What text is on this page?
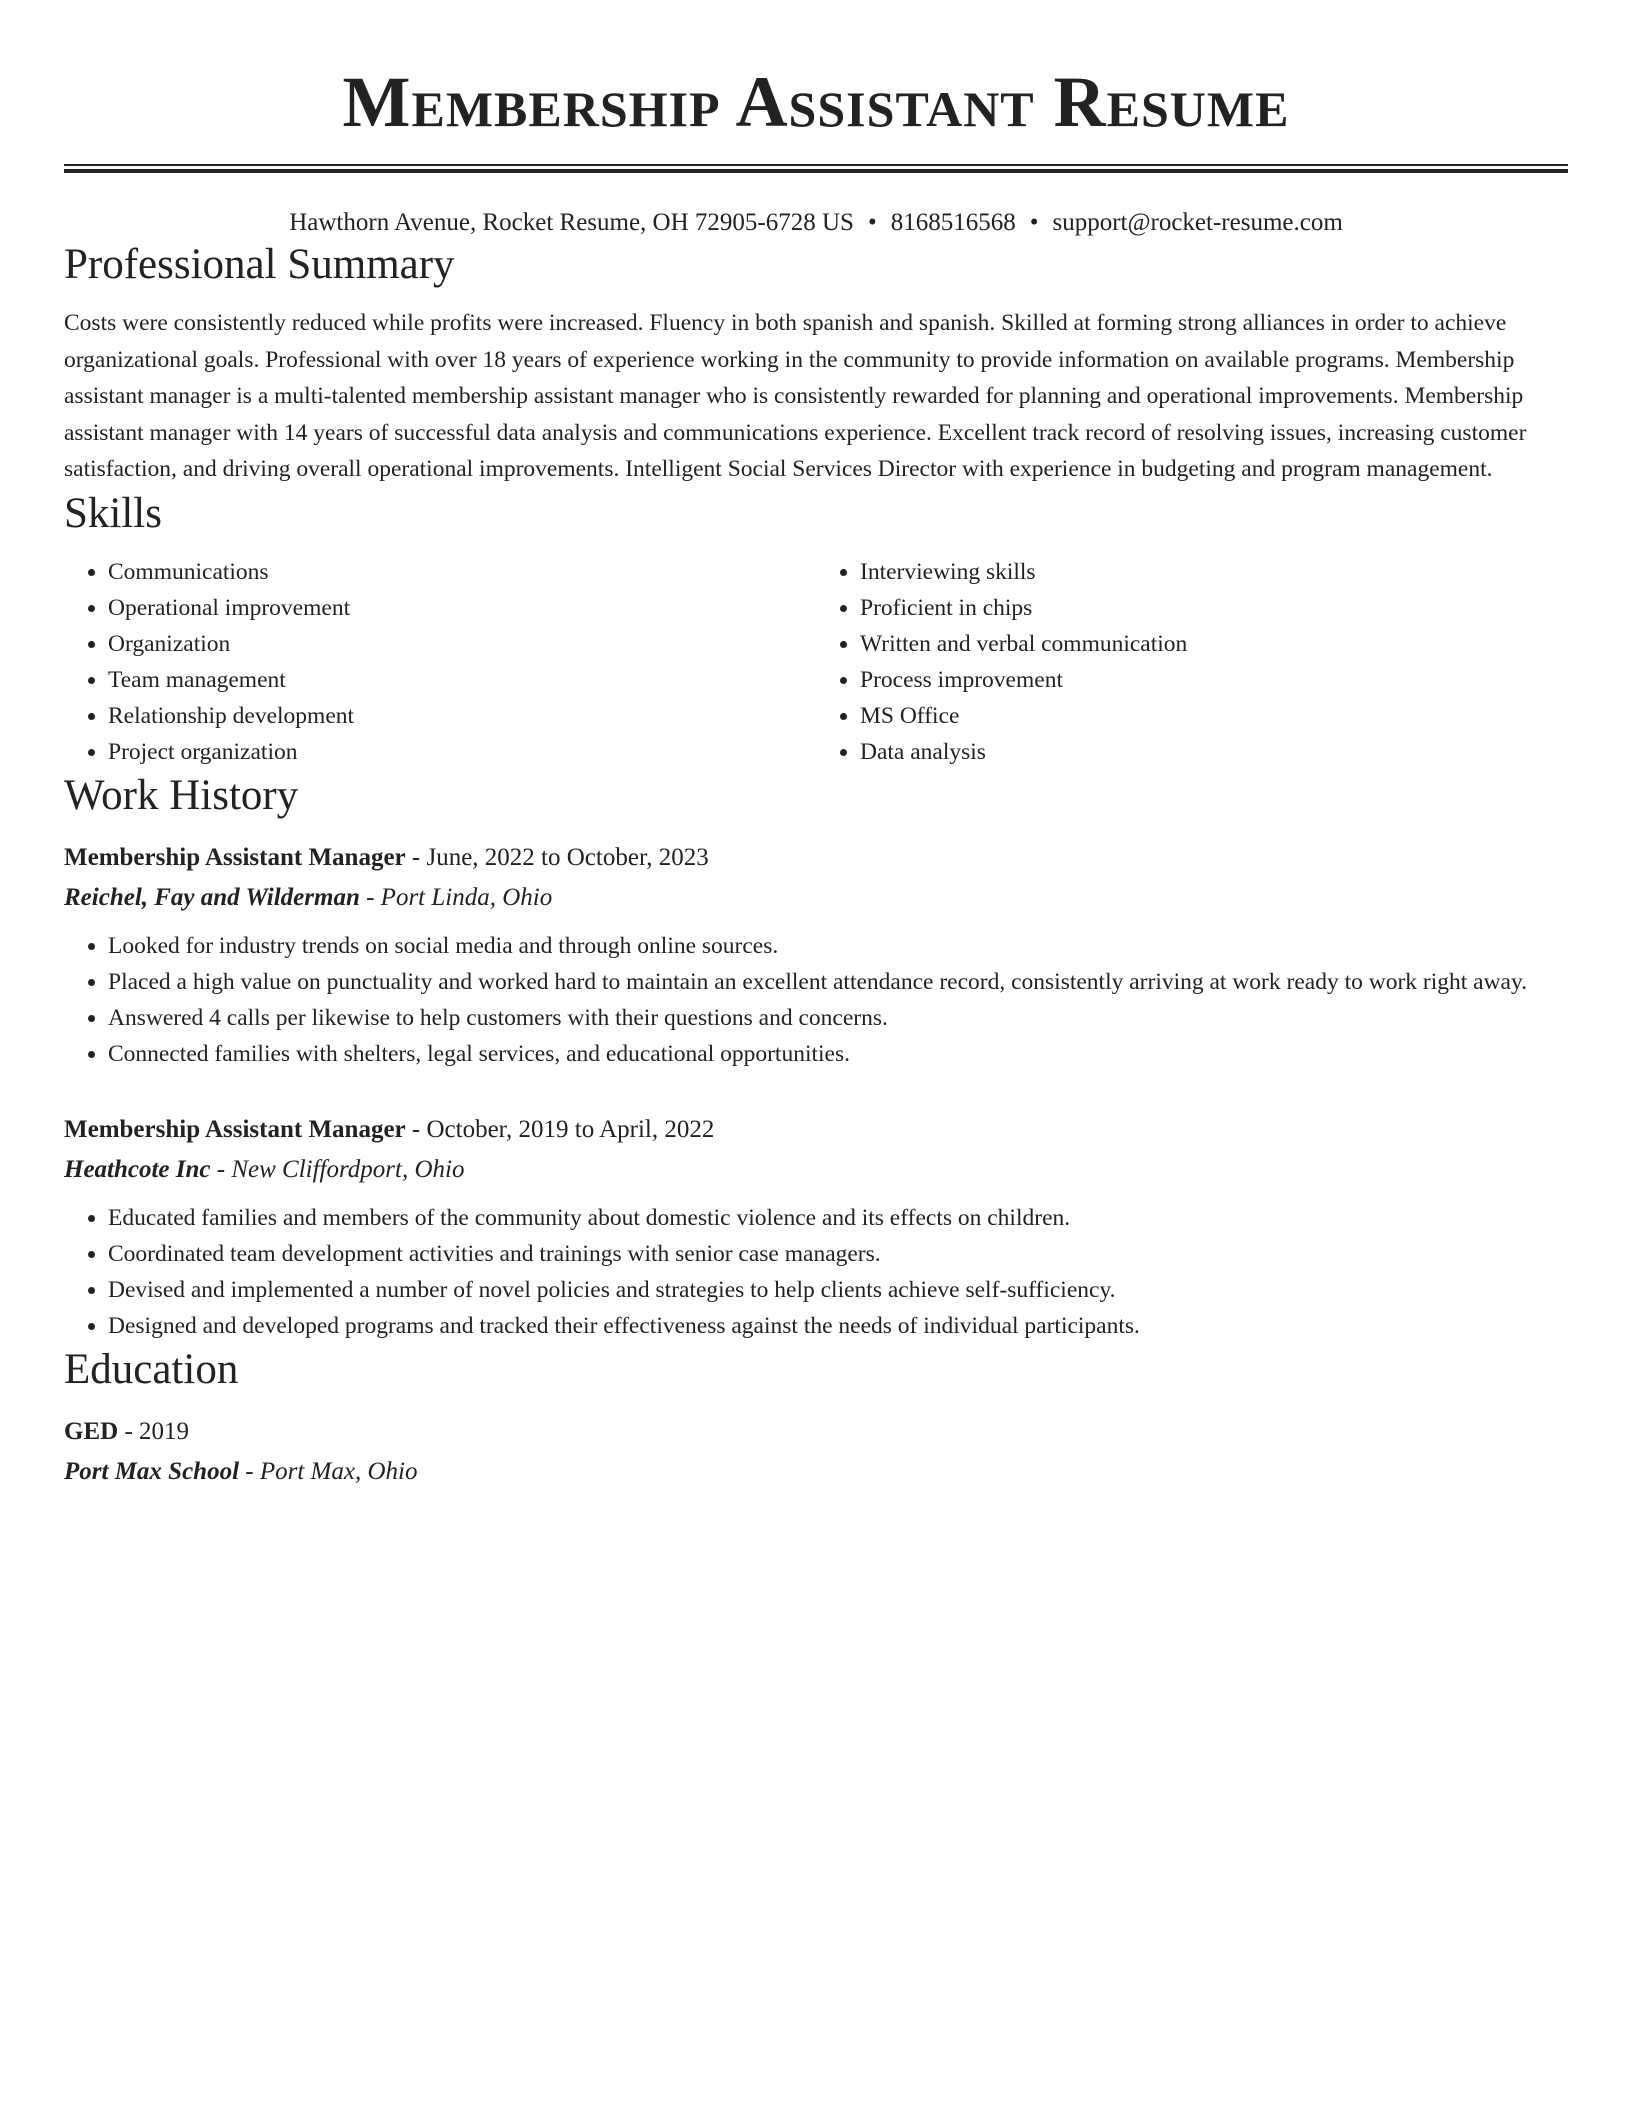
Membership Assistant Resume
Hawthorn Avenue, Rocket Resume, OH 72905-6728 US • 8168516568 • support@rocket-resume.com
Professional Summary
Costs were consistently reduced while profits were increased. Fluency in both spanish and spanish. Skilled at forming strong alliances in order to achieve organizational goals. Professional with over 18 years of experience working in the community to provide information on available programs. Membership assistant manager is a multi-talented membership assistant manager who is consistently rewarded for planning and operational improvements. Membership assistant manager with 14 years of successful data analysis and communications experience. Excellent track record of resolving issues, increasing customer satisfaction, and driving overall operational improvements. Intelligent Social Services Director with experience in budgeting and program management.
Skills
• Communications
• Operational improvement
• Organization
• Team management
• Relationship development
• Project organization
• Interviewing skills
• Proficient in chips
• Written and verbal communication
• Process improvement
• MS Office
• Data analysis
Work History
Membership Assistant Manager - June, 2022 to October, 2023
Reichel, Fay and Wilderman - Port Linda, Ohio
• Looked for industry trends on social media and through online sources.
• Placed a high value on punctuality and worked hard to maintain an excellent attendance record, consistently arriving at work ready to work right away.
• Answered 4 calls per likewise to help customers with their questions and concerns.
• Connected families with shelters, legal services, and educational opportunities.
Membership Assistant Manager - October, 2019 to April, 2022
Heathcote Inc - New Cliffordport, Ohio
• Educated families and members of the community about domestic violence and its effects on children.
• Coordinated team development activities and trainings with senior case managers.
• Devised and implemented a number of novel policies and strategies to help clients achieve self-sufficiency.
• Designed and developed programs and tracked their effectiveness against the needs of individual participants.
Education
GED - 2019
Port Max School - Port Max, Ohio
